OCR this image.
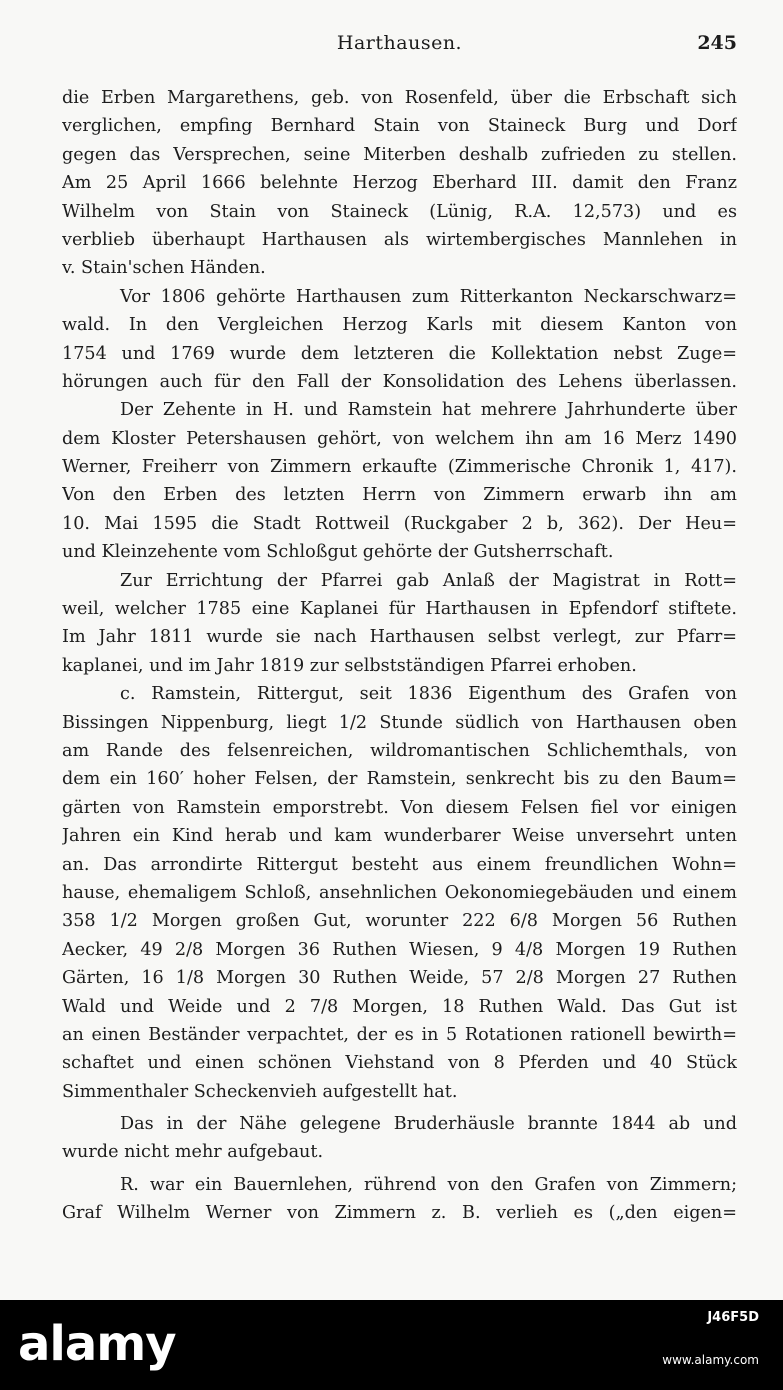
Harthausen.	245
die Erben Margarethens, geb. von Rosenfeld, über die Erbschaft sich
verglichen, empfing Bernhard Stain von Staineck Burg und Dorf
gegen das Versprechen, seine Miterben deshalb zufrieden zu stellen.
Am 25 April 1666 belehnte Herzog Eberhard III. damit den Franz
Wilhelm von Stain von Staineck (Lünig, R.A. 12,573) und es
verblieb überhaupt Harthausen als wirtembergisches Mannlehen in
v. Stain'schen Händen.
Vor 1806 gehörte Harthausen zum Ritterkanton Neckarschwarz=
wald. In den Vergleichen Herzog Karls mit diesem Kanton von
1754 und 1769 wurde dem letzteren die Kollektation nebst Zuge=
hörungen auch für den Fall der Konsolidation des Lehens überlassen.
Der Zehente in H. und Ramstein hat mehrere Jahrhunderte über
dem Kloster Petershausen gehört, von welchem ihn am 16 Merz 1490
Werner, Freiherr von Zimmern erkaufte (Zimmerische Chronik 1, 417).
Von den Erben des letzten Herrn von Zimmern erwarb ihn am
10. Mai 1595 die Stadt Rottweil (Ruckgaber 2 b, 362). Der Heu=
und Kleinzehente vom Schloßgut gehörte der Gutsherrschaft.
Zur Errichtung der Pfarrei gab Anlaß der Magistrat in Rott=
weil, welcher 1785 eine Kaplanei für Harthausen in Epfendorf stiftete.
Im Jahr 1811 wurde sie nach Harthausen selbst verlegt, zur Pfarr=
kaplanei, und im Jahr 1819 zur selbstständigen Pfarrei erhoben.
c. Ramstein, Rittergut, seit 1836 Eigenthum des Grafen von
Bissingen Nippenburg, liegt 1/2 Stunde südlich von Harthausen oben
am Rande des felsenreichen, wildromantischen Schlichemthals, von
dem ein 160′ hoher Felsen, der Ramstein, senkrecht bis zu den Baum=
gärten von Ramstein emporstrebt. Von diesem Felsen fiel vor einigen
Jahren ein Kind herab und kam wunderbarer Weise unversehrt unten
an. Das arrondirte Rittergut besteht aus einem freundlichen Wohn=
hause, ehemaligem Schloß, ansehnlichen Oekonomiegebäuden und einem
358 1/2 Morgen großen Gut, worunter 222 6/8 Morgen 56 Ruthen
Aecker, 49 2/8 Morgen 36 Ruthen Wiesen, 9 4/8 Morgen 19 Ruthen
Gärten, 16 1/8 Morgen 30 Ruthen Weide, 57 2/8 Morgen 27 Ruthen
Wald und Weide und 2 7/8 Morgen, 18 Ruthen Wald. Das Gut ist
an einen Beständer verpachtet, der es in 5 Rotationen rationell bewirth=
schaftet und einen schönen Viehstand von 8 Pferden und 40 Stück
Simmenthaler Scheckenvieh aufgestellt hat.
Das in der Nähe gelegene Bruderhäusle brannte 1844 ab und
wurde nicht mehr aufgebaut.
R. war ein Bauernlehen, rührend von den Grafen von Zimmern;
Graf Wilhelm Werner von Zimmern z. B. verlieh es („den eigen=
alamy	J46F5D
www.alamy.com
